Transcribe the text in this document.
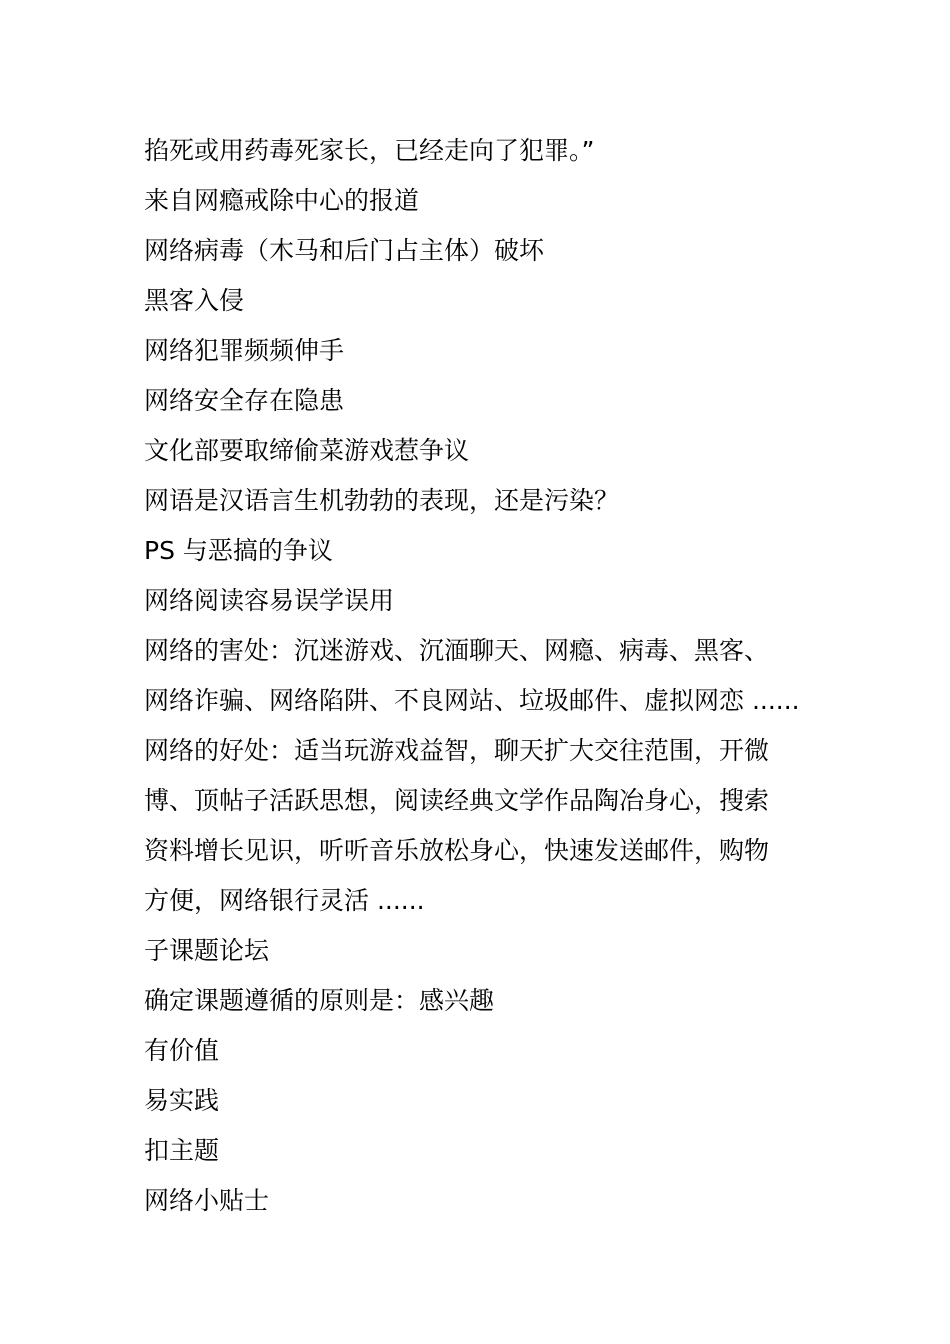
掐死或用药毒死家长，已经走向了犯罪。”
来自网瘾戒除中心的报道
网络病毒（木马和后门占主体）破坏
黑客入侵
网络犯罪频频伸手
网络安全存在隐患
文化部要取缔偷菜游戏惹争议
网语是汉语言生机勃勃的表现，还是污染？
PS 与恶搞的争议
网络阅读容易误学误用
网络的害处：沉迷游戏、沉湎聊天、网瘾、病毒、黑客、
网络诈骗、网络陷阱、不良网站、垃圾邮件、虚拟网恋 ......
网络的好处：适当玩游戏益智，聊天扩大交往范围，开微
博、顶帖子活跃思想，阅读经典文学作品陶冶身心，搜索
资料增长见识，听听音乐放松身心，快速发送邮件，购物
方便，网络银行灵活 ......
子课题论坛
确定课题遵循的原则是：感兴趣
有价值
易实践
扣主题
网络小贴士
